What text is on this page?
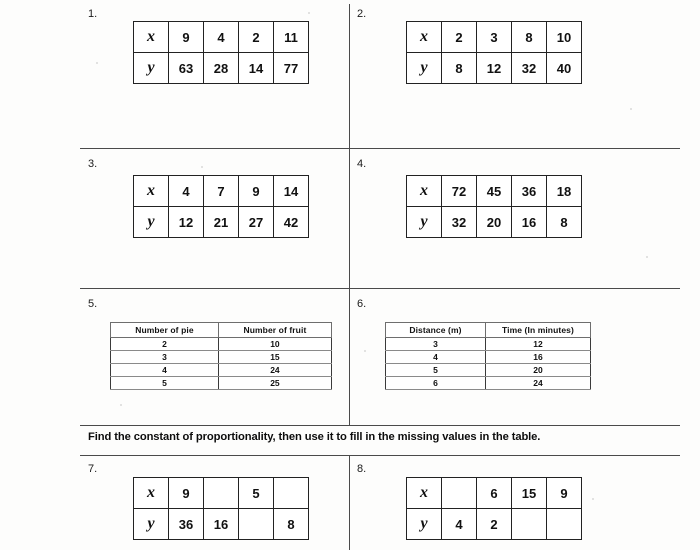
1.
x	9	4	2	11
y	63	28	14	77
2.
x	2	3	8	10
y	8	12	32	40
3.
x	4	7	9	14
y	12	21	27	42
4.
x	72	45	36	18
y	32	20	16	8
5.
Number of pie	Number of fruit
2	10
3	15
4	24
5	25
6.
Distance (m)	Time (In minutes)
3	12
4	16
5	20
6	24
Find the constant of proportionality, then use it to fill in the missing values in the table.
7.
x	9		5	
y	36	16		8
8.
x		6	15	9
y	4	2		
